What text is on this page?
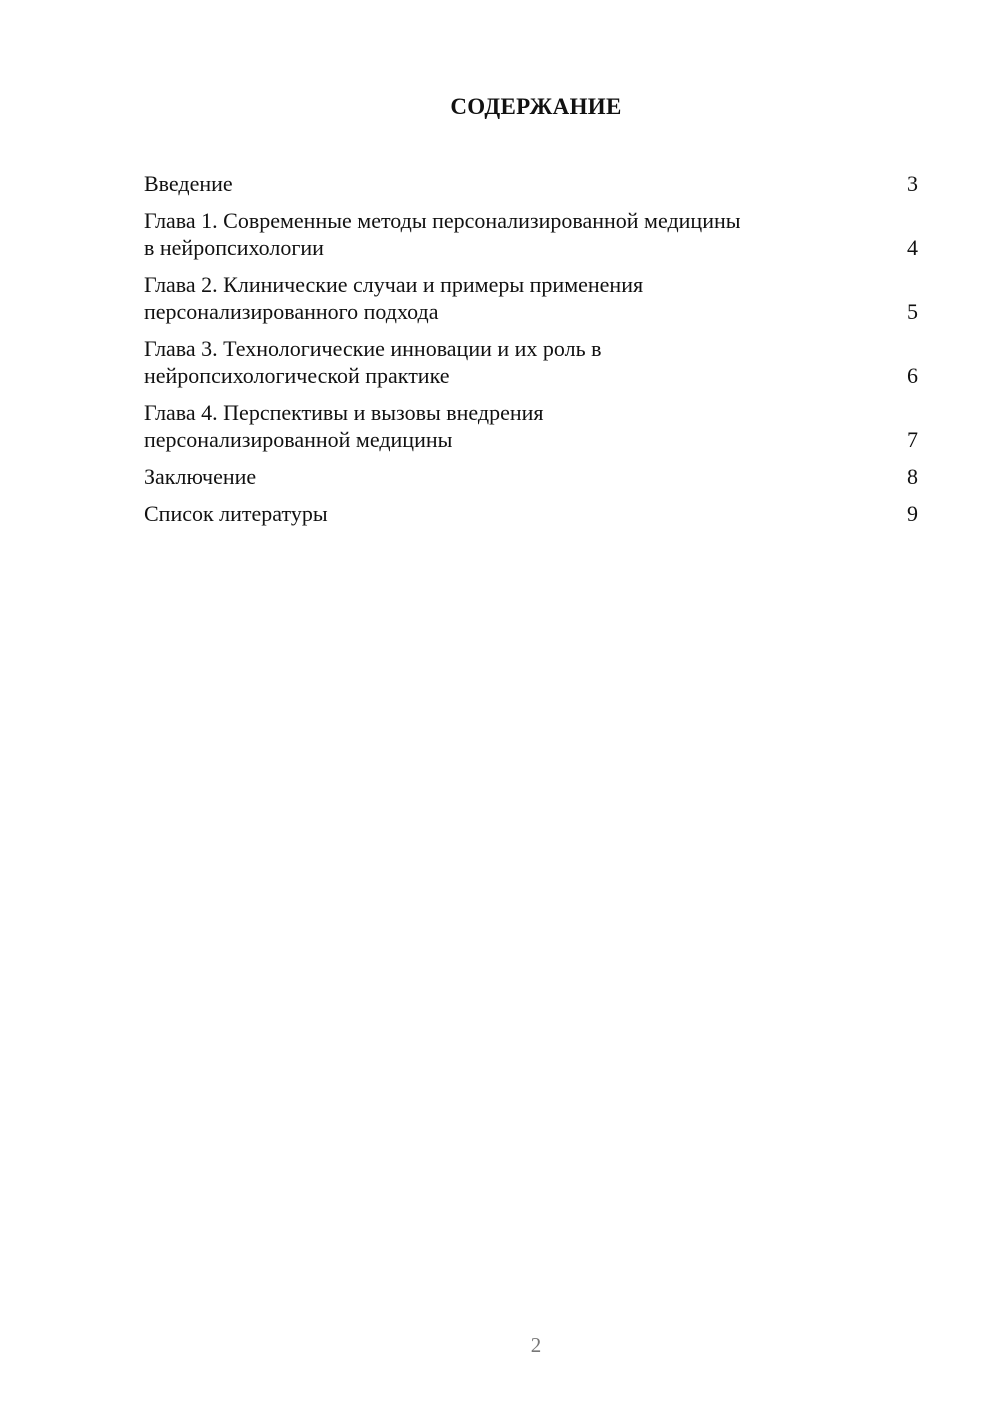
СОДЕРЖАНИЕ
Введение	3
Глава 1. Современные методы персонализированной медицины
в нейропсихологии	4
Глава 2. Клинические случаи и примеры применения
персонализированного подхода	5
Глава 3. Технологические инновации и их роль в
нейропсихологической практике	6
Глава 4. Перспективы и вызовы внедрения
персонализированной медицины	7
Заключение	8
Список литературы	9

2
